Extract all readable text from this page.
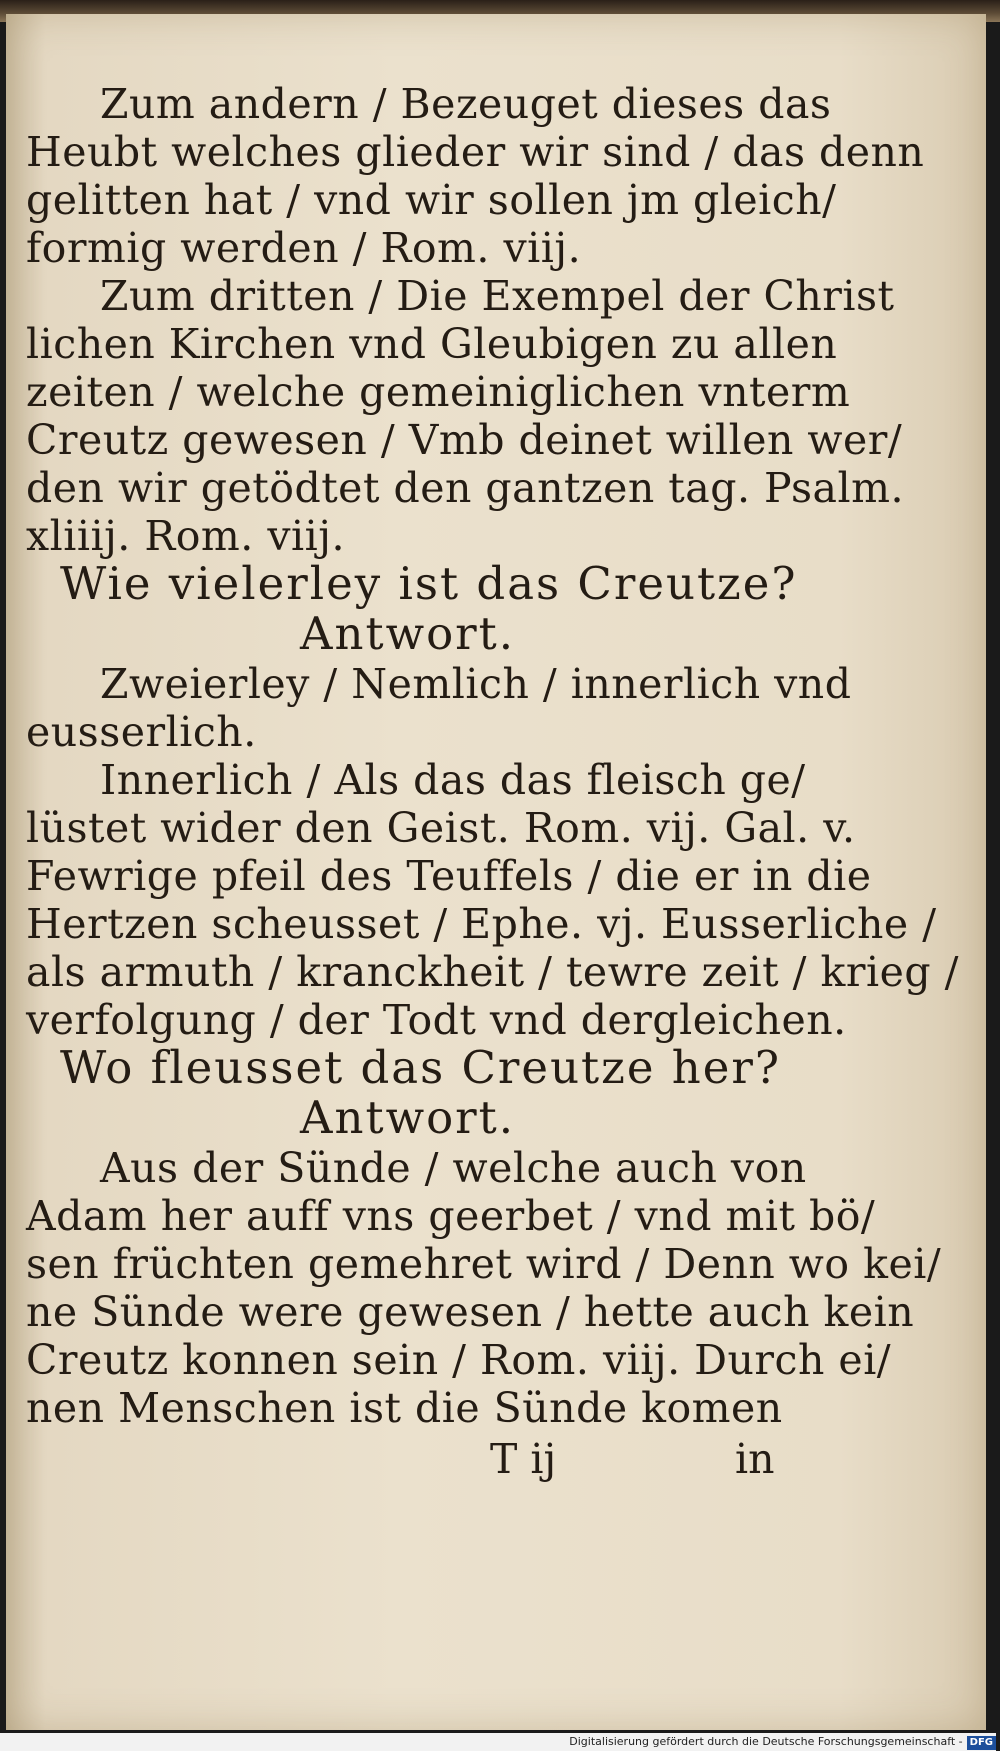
Zum andern / Bezeuget dieses das

Heubt welches glieder wir sind / das denn

gelitten hat / vnd wir sollen jm gleich/

formig werden / Rom. viij.

Zum dritten / Die Exempel der Christ

lichen Kirchen vnd Gleubigen zu allen

zeiten / welche gemeiniglichen vnterm

Creutz gewesen / Vmb deinet willen wer/

den wir getödtet den gantzen tag. Psalm.

xliiij. Rom. viij.

Wie vielerley ist das Creutze?

Antwort.

Zweierley / Nemlich / innerlich vnd

eusserlich.

Innerlich / Als das das fleisch ge/

lüstet wider den Geist. Rom. vij. Gal. v.

Fewrige pfeil des Teuffels / die er in die

Hertzen scheusset / Ephe. vj. Eusserliche /

als armuth / kranckheit / tewre zeit / krieg /

verfolgung / der Todt vnd dergleichen.

Wo fleusset das Creutze her?

Antwort.

Aus der Sünde / welche auch von

Adam her auff vns geerbet / vnd mit bö/

sen früchten gemehret wird / Denn wo kei/

ne Sünde were gewesen / hette auch kein

Creutz konnen sein / Rom. viij. Durch ei/

nen Menschen ist die Sünde komen

T ij	in
Digitalisierung gefördert durch die Deutsche Forschungsgemeinschaft - DFG
